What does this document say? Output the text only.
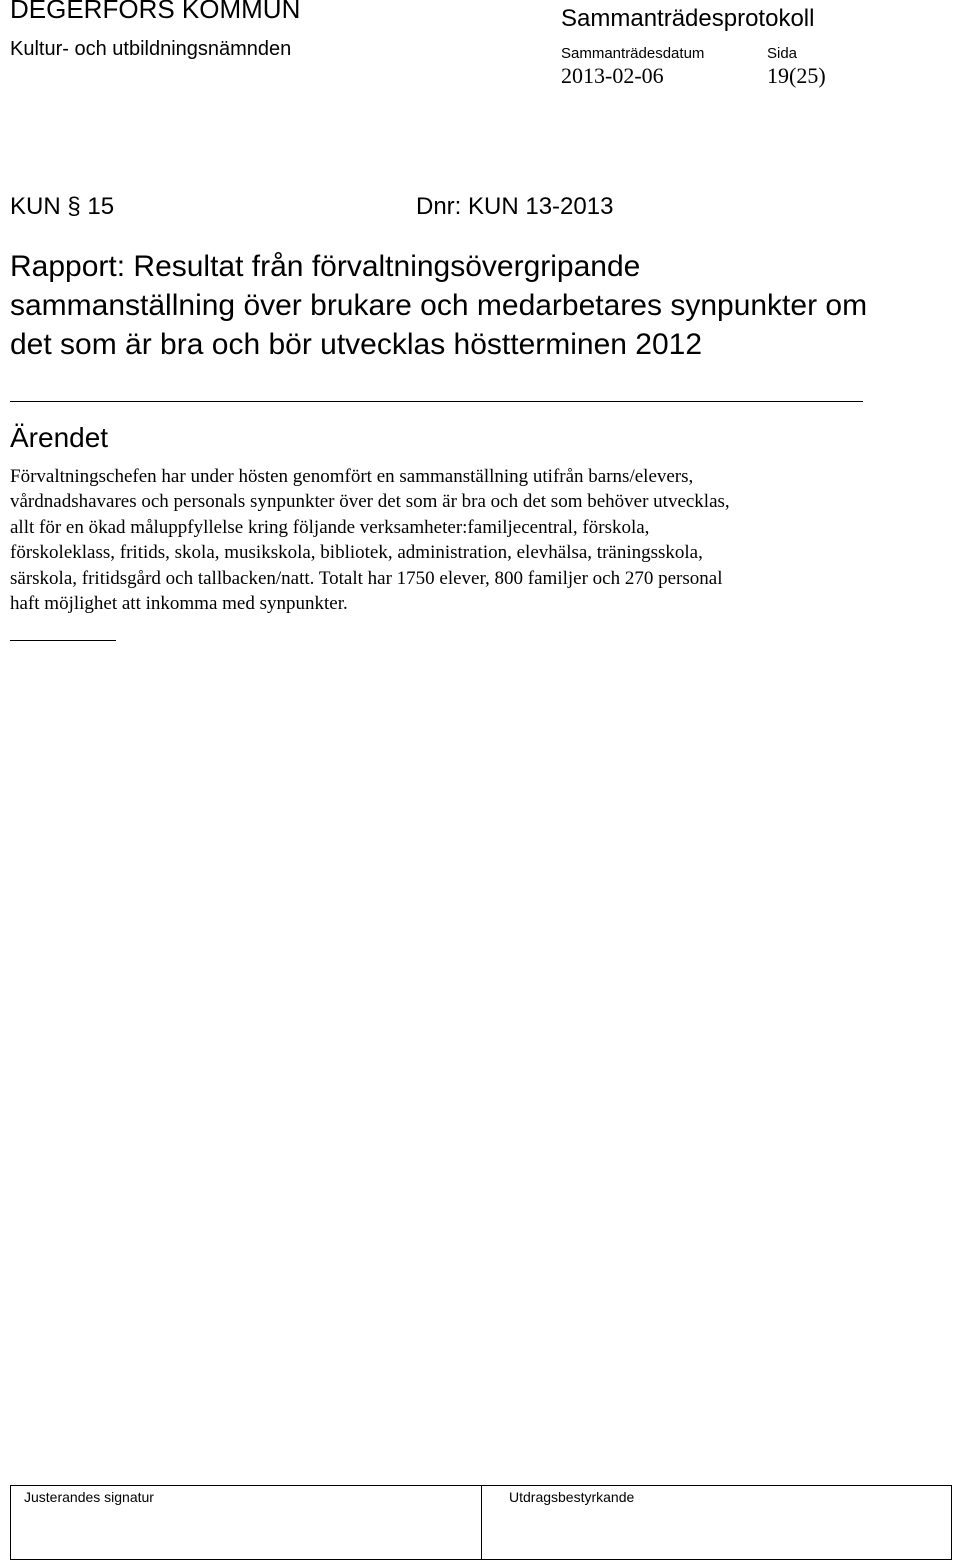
DEGERFORS KOMMUN
Kultur- och utbildningsnämnden
Sammanträdesprotokoll
Sammanträdesdatum	Sida
2013-02-06	19(25)
KUN § 15	Dnr: KUN 13-2013
Rapport: Resultat från förvaltningsövergripande sammanställning över brukare och medarbetares synpunkter om det som är bra och bör utvecklas höstterminen 2012
Ärendet
Förvaltningschefen har under hösten genomfört en sammanställning utifrån barns/elevers,
vårdnadshavares och personals synpunkter över det som är bra och det som behöver utvecklas,
allt för en ökad måluppfyllelse kring följande verksamheter:familjecentral, förskola,
förskoleklass, fritids, skola, musikskola, bibliotek, administration, elevhälsa, träningsskola,
särskola, fritidsgård och tallbacken/natt. Totalt har 1750 elever, 800 familjer och 270 personal
haft möjlighet att inkomma med synpunkter.
Justerandes signatur	Utdragsbestyrkande
